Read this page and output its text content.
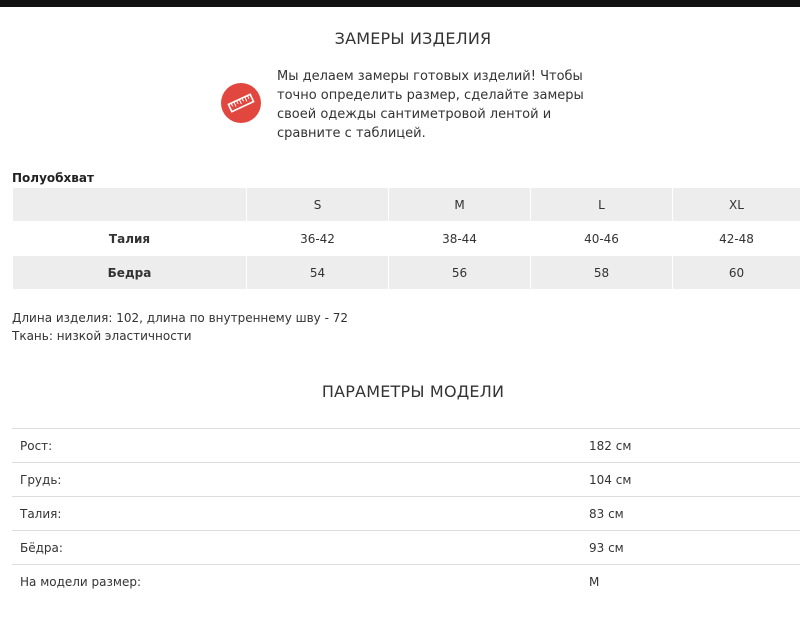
ЗАМЕРЫ ИЗДЕЛИЯ

Мы делаем замеры готовых изделий! Чтобы точно определить размер, сделайте замеры своей одежды сантиметровой лентой и сравните с таблицей.

Полуобхват
	S	M	L	XL
Талия	36-42	38-44	40-46	42-48
Бедра	54	56	58	60
Длина изделия: 102, длина по внутреннему шву - 72
Ткань: низкой эластичности
ПАРАМЕТРЫ МОДЕЛИ
Рост:	182 см
Грудь:	104 см
Талия:	83 см
Бёдра:	93 см
На модели размер:	M
